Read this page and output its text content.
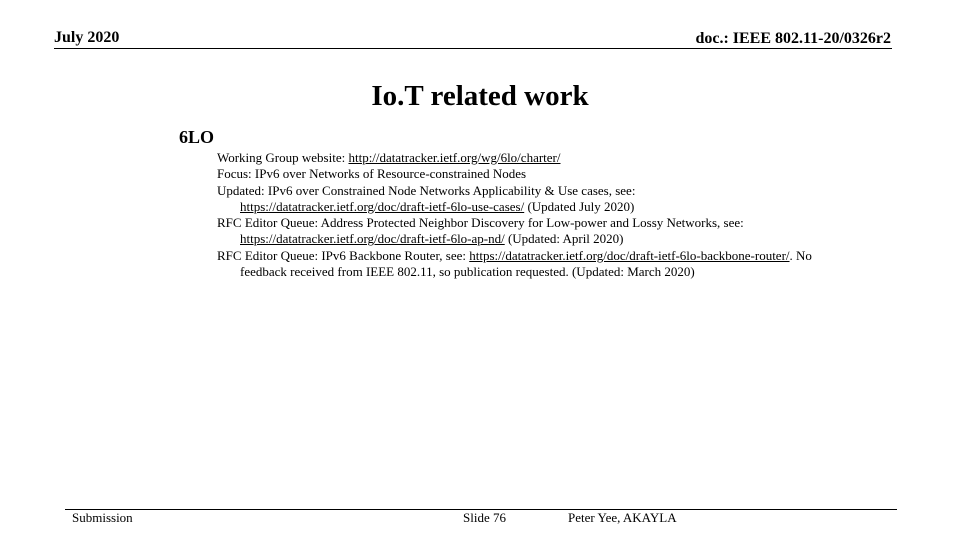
July 2020	doc.: IEEE 802.11-20/0326r2
Io.T related work
6LO
Working Group website: http://datatracker.ietf.org/wg/6lo/charter/
Focus: IPv6 over Networks of Resource-constrained Nodes
Updated: IPv6 over Constrained Node Networks Applicability & Use cases, see: https://datatracker.ietf.org/doc/draft-ietf-6lo-use-cases/ (Updated July 2020)
RFC Editor Queue: Address Protected Neighbor Discovery for Low-power and Lossy Networks, see: https://datatracker.ietf.org/doc/draft-ietf-6lo-ap-nd/ (Updated: April 2020)
RFC Editor Queue: IPv6 Backbone Router, see: https://datatracker.ietf.org/doc/draft-ietf-6lo-backbone-router/. No feedback received from IEEE 802.11, so publication requested. (Updated: March 2020)
Submission	Slide 76	Peter Yee, AKAYLA
